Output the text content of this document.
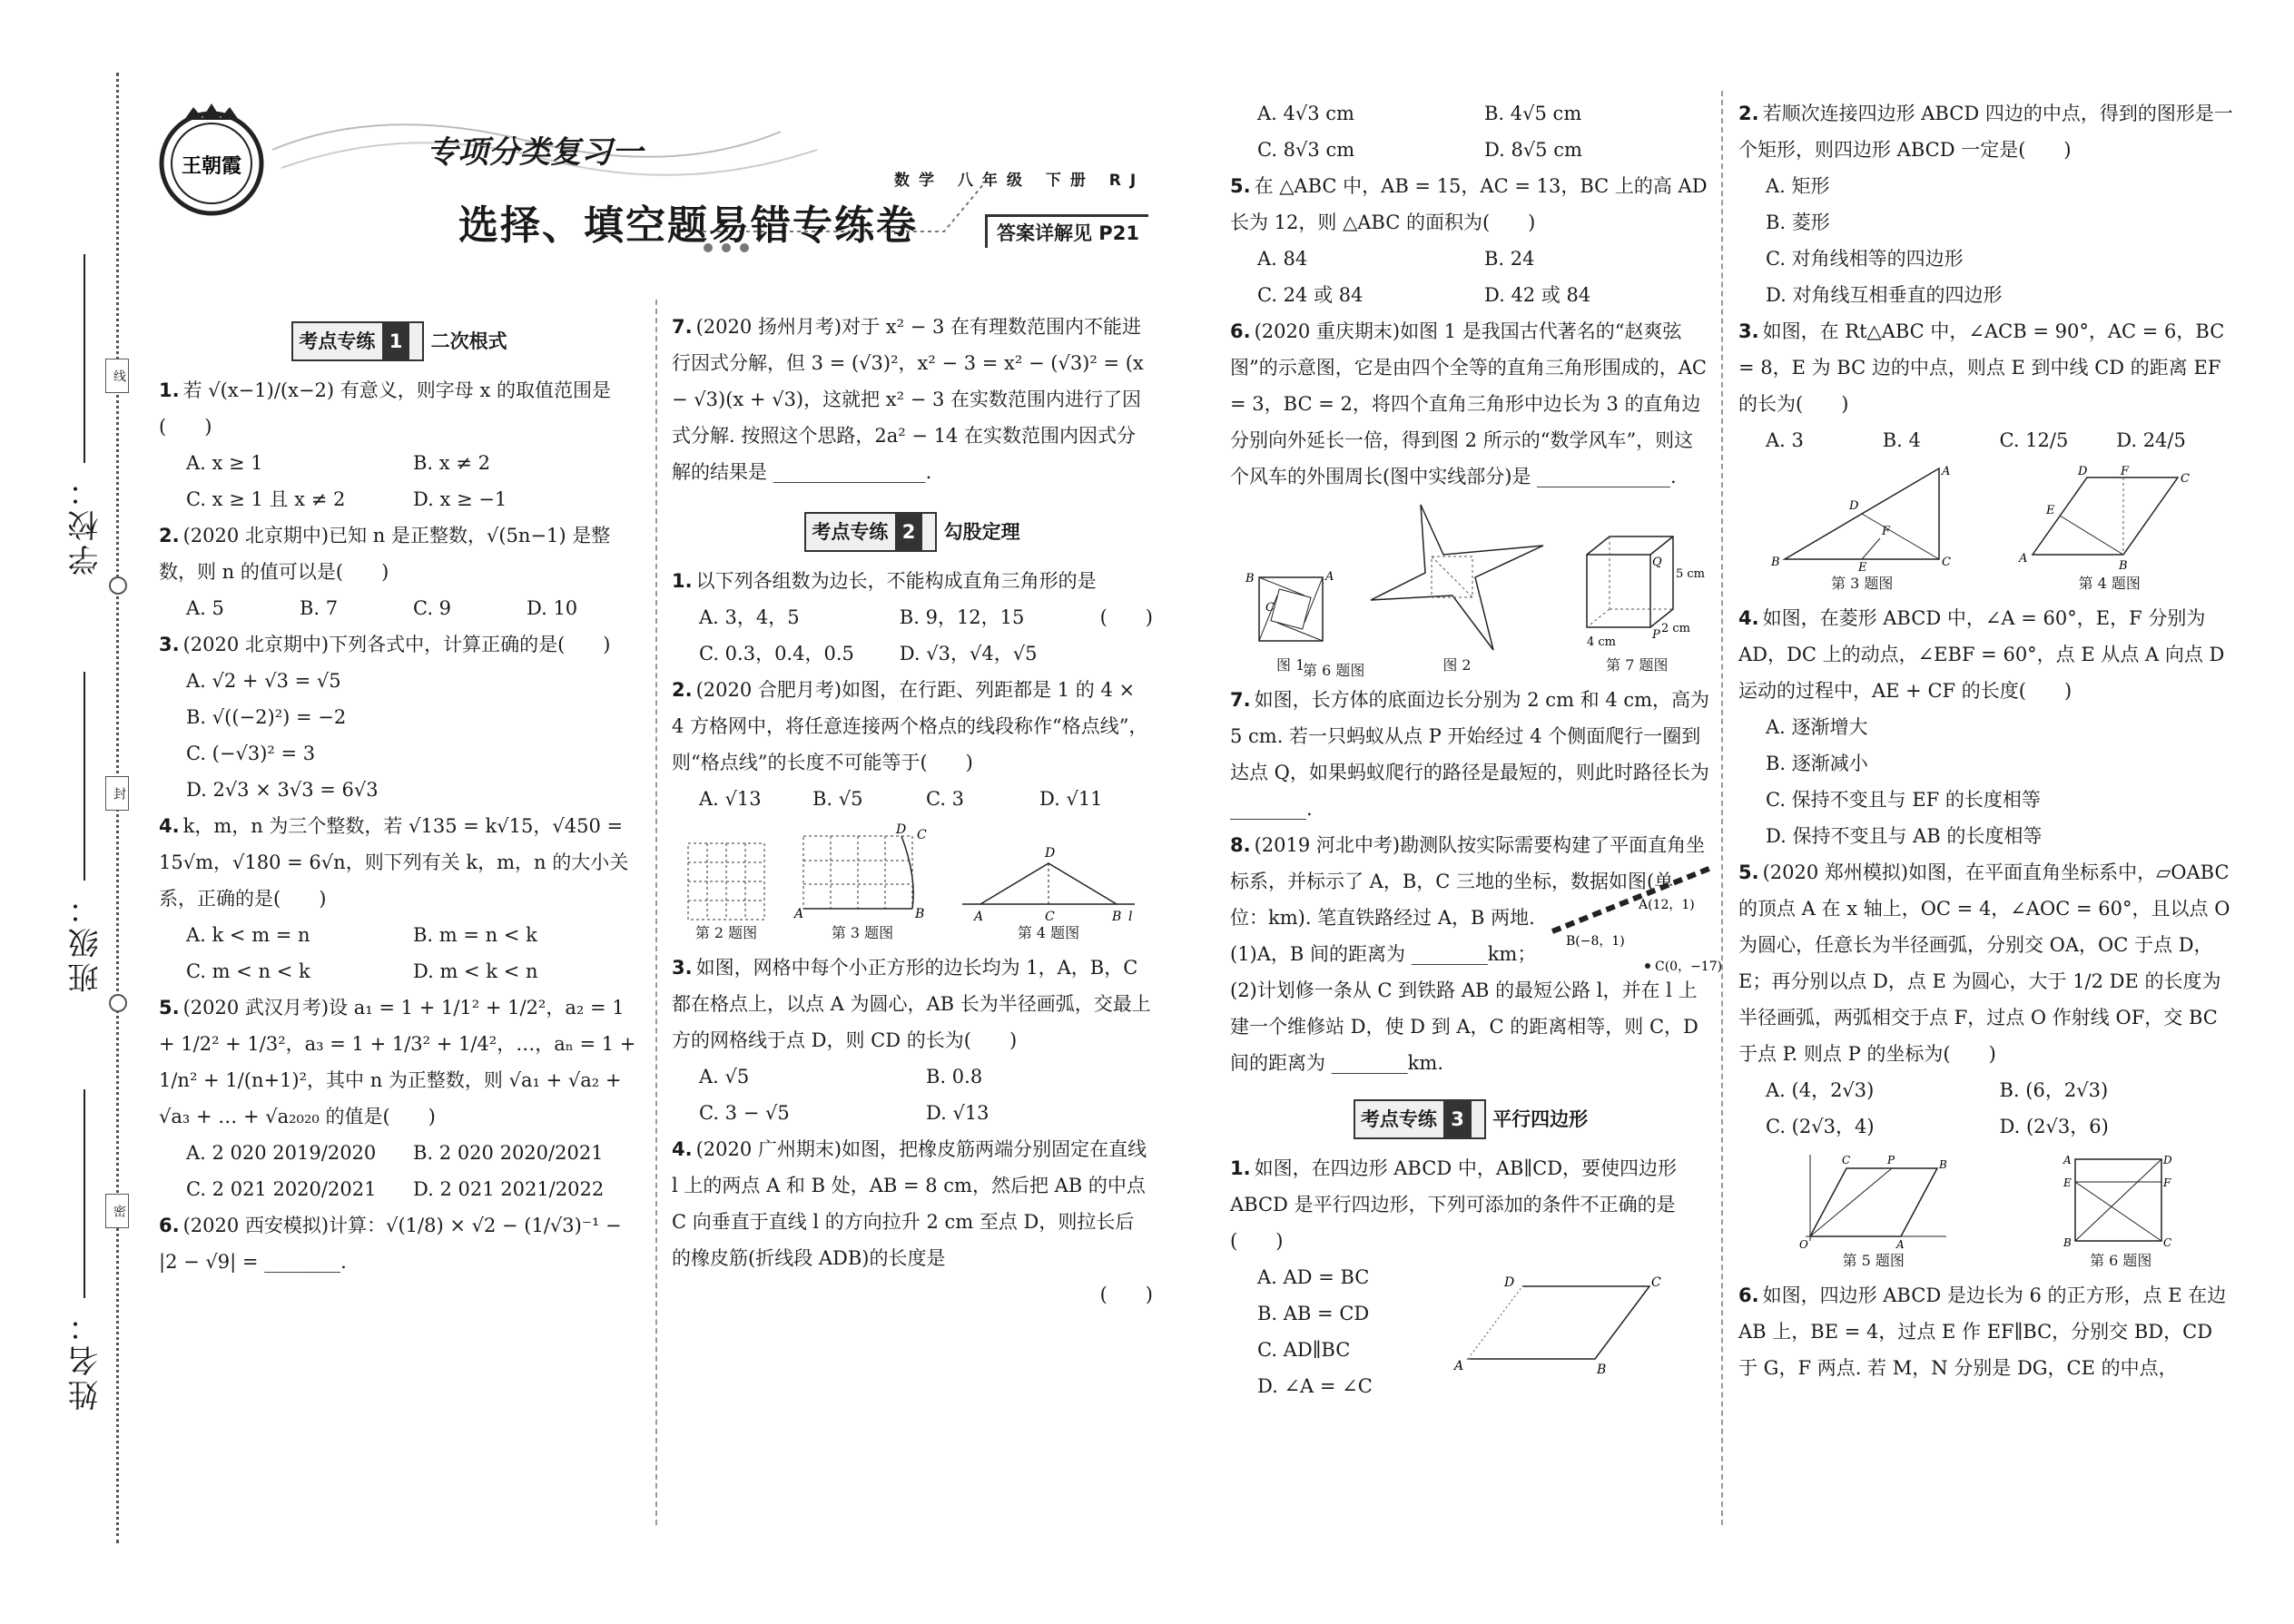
学校：
班级：
姓名：
线
封
密
王朝霞	专项分类复习一
选择、填空题易错专练卷
数学 八年级 下册 RJ
答案详解见 P21
考点专练 1 二次根式
1. 若 √(x−1)/(x−2) 有意义，则字母 x 的取值范围是(　　)
A. x ≥ 1	B. x ≠ 2
C. x ≥ 1 且 x ≠ 2	D. x ≥ −1
2. (2020 北京期中)已知 n 是正整数，√(5n−1) 是整数，则 n 的值可以是(　　)
A. 5	B. 7	C. 9	D. 10
3. (2020 北京期中)下列各式中，计算正确的是(　　)
A. √2 + √3 = √5
B. √((−2)²) = −2
C. (−√3)² = 3
D. 2√3 × 3√3 = 6√3
4. k，m，n 为三个整数，若 √135 = k√15，√450 = 15√m，√180 = 6√n，则下列有关 k，m，n 的大小关系，正确的是(　　)
A. k < m = n	B. m = n < k
C. m < n < k	D. m < k < n
5. (2020 武汉月考)设 a₁ = 1 + 1/1² + 1/2²，a₂ = 1 + 1/2² + 1/3²，a₃ = 1 + 1/3² + 1/4²，…，aₙ = 1 + 1/n² + 1/(n+1)²，其中 n 为正整数，则 √a₁ + √a₂ + √a₃ + … + √a₂₀₂₀ 的值是(　　)
A. 2 020 2019/2020	B. 2 020 2020/2021
C. 2 021 2020/2021	D. 2 021 2021/2022
6. (2020 西安模拟)计算：√(1/8) × √2 − (1/√3)⁻¹ − |2 − √9| = ________.
7. (2020 扬州月考)对于 x² − 3 在有理数范围内不能进行因式分解，但 3 = (√3)²，x² − 3 = x² − (√3)² = (x − √3)(x + √3)，这就把 x² − 3 在实数范围内进行了因式分解. 按照这个思路，2a² − 14 在实数范围内因式分解的结果是 ________________.
考点专练 2 勾股定理
1. 以下列各组数为边长，不能构成直角三角形的是

(　　)
A. 3，4，5	B. 9，12，15
C. 0.3，0.4，0.5	D. √3，√4，√5
2. (2020 合肥月考)如图，在行距、列距都是 1 的 4 × 4 方格网中，将任意连接两个格点的线段称作“格点线”，则“格点线”的长度不可能等于(　　)
A. √13	B. √5	C. 3	D. √11
第 2 题图
A	B
D C
第 3 题图
D
A	C	B l
第 4 题图
3. 如图，网格中每个小正方形的边长均为 1，A，B，C 都在格点上，以点 A 为圆心，AB 长为半径画弧，交最上方的网格线于点 D，则 CD 的长为(　　)
A. √5	B. 0.8
C. 3 − √5	D. √13
4. (2020 广州期末)如图，把橡皮筋两端分别固定在直线 l 上的两点 A 和 B 处，AB = 8 cm，然后把 AB 的中点 C 向垂直于直线 l 的方向拉升 2 cm 至点 D，则拉长后的橡皮筋(折线段 ADB)的长度是

(　　)
A. 4√3 cm	B. 4√5 cm
C. 8√3 cm	D. 8√5 cm
5. 在 △ABC 中，AB = 15，AC = 13，BC 上的高 AD 长为 12，则 △ABC 的面积为(　　)
A. 84	B. 24
C. 24 或 84	D. 42 或 84
6. (2020 重庆期末)如图 1 是我国古代著名的“赵爽弦图”的示意图，它是由四个全等的直角三角形围成的，AC = 3，BC = 2，将四个直角三角形中边长为 3 的直角边分别向外延长一倍，得到图 2 所示的“数学风车”，则这个风车的外围周长(图中实线部分)是 ______________.
B	A
C
图 1	图 2
Q
P
5 cm
4 cm
2 cm
第 7 题图
第 6 题图
7. 如图，长方体的底面边长分别为 2 cm 和 4 cm，高为 5 cm. 若一只蚂蚁从点 P 开始经过 4 个侧面爬行一圈到达点 Q，如果蚂蚁爬行的路径是最短的，则此时路径长为 ________.
8. (2019 河北中考)勘测队按实际需要构建了平面直角坐标系，并标示了 A，B，C 三地的坐标，数据如图(单位：km). 笔直铁路经过 A，B 两地.
A(12，1)
B(−8，1)
C(0，−17)
(1)A，B 间的距离为 ________km；
(2)计划修一条从 C 到铁路 AB 的最短公路 l，并在 l 上建一个维修站 D，使 D 到 A，C 的距离相等，则 C，D 间的距离为 ________km.
考点专练 3 平行四边形
1. 如图，在四边形 ABCD 中，AB∥CD，要使四边形 ABCD 是平行四边形，下列可添加的条件不正确的是(　　)
A. AD = BC
B. AB = CD
C. AD∥BC
D. ∠A = ∠C
A	B
C
D
2. 若顺次连接四边形 ABCD 四边的中点，得到的图形是一个矩形，则四边形 ABCD 一定是(　　)
A. 矩形
B. 菱形
C. 对角线相等的四边形
D. 对角线互相垂直的四边形
3. 如图，在 Rt△ABC 中，∠ACB = 90°，AC = 6，BC = 8，E 为 BC 边的中点，则点 E 到中线 CD 的距离 EF 的长为(　　)
A. 3	B. 4	C. 12/5	D. 24/5
B	C
A
D
E
F
第 3 题图
A
B
C
D
E
F
第 4 题图
4. 如图，在菱形 ABCD 中，∠A = 60°，E，F 分别为 AD，DC 上的动点，∠EBF = 60°，点 E 从点 A 向点 D 运动的过程中，AE + CF 的长度(　　)
A. 逐渐增大
B. 逐渐减小
C. 保持不变且与 EF 的长度相等
D. 保持不变且与 AB 的长度相等
5. (2020 郑州模拟)如图，在平面直角坐标系中，▱OABC 的顶点 A 在 x 轴上，OC = 4，∠AOC = 60°，且以点 O 为圆心，任意长为半径画弧，分别交 OA，OC 于点 D，E；再分别以点 D，点 E 为圆心，大于 1/2 DE 的长度为半径画弧，两弧相交于点 F，过点 O 作射线 OF，交 BC 于点 P. 则点 P 的坐标为(　　)
A. (4，2√3)	B. (6，2√3)
C. (2√3，4)	D. (2√3，6)
O	A
B
C	P
第 5 题图
A
E
B	C
D
F
第 6 题图
6. 如图，四边形 ABCD 是边长为 6 的正方形，点 E 在边 AB 上，BE = 4，过点 E 作 EF∥BC，分别交 BD，CD 于 G，F 两点. 若 M，N 分别是 DG，CE 的中点，
